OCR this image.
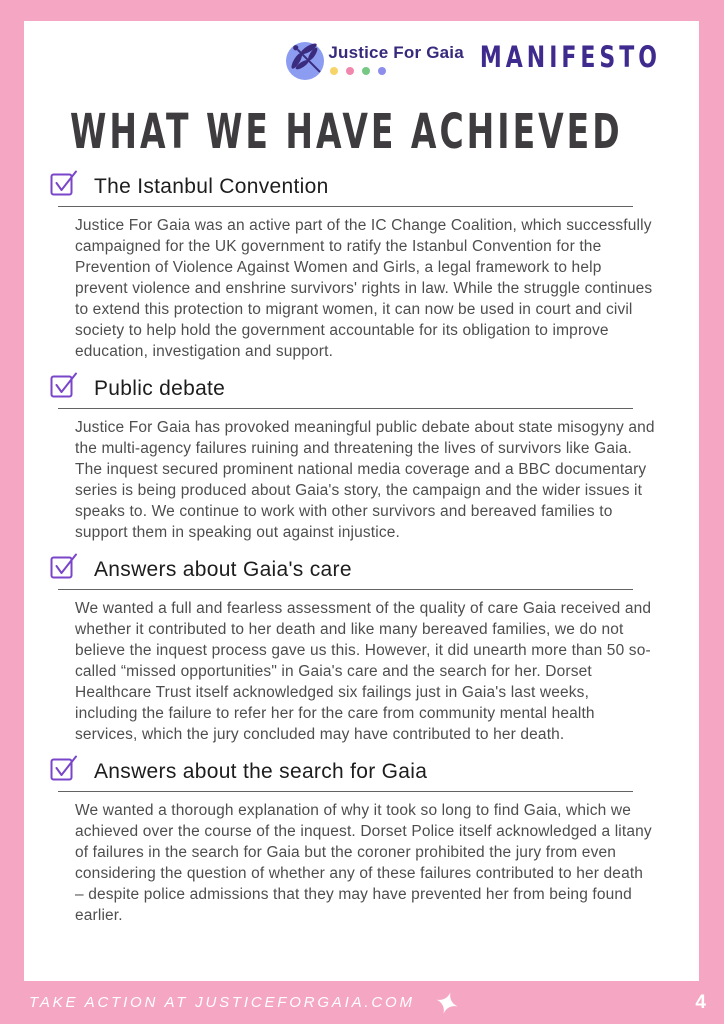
Justice For Gaia MANIFESTO
WHAT WE HAVE ACHIEVED
The Istanbul Convention

Justice For Gaia was an active part of the IC Change Coalition, which successfully campaigned for the UK government to ratify the Istanbul Convention for the Prevention of Violence Against Women and Girls, a legal framework to help prevent violence and enshrine survivors' rights in law. While the struggle continues to extend this protection to migrant women, it can now be used in court and civil society to help hold the government accountable for its obligation to improve education, investigation and support.

Public debate

Justice For Gaia has provoked meaningful public debate about state misogyny and the multi-agency failures ruining and threatening the lives of survivors like Gaia. The inquest secured prominent national media coverage and a BBC documentary series is being produced about Gaia's story, the campaign and the wider issues it speaks to. We continue to work with other survivors and bereaved families to support them in speaking out against injustice.

Answers about Gaia's care

We wanted a full and fearless assessment of the quality of care Gaia received and whether it contributed to her death and like many bereaved families, we do not believe the inquest process gave us this. However, it did unearth more than 50 so-called “missed opportunities" in Gaia's care and the search for her. Dorset Healthcare Trust itself acknowledged six failings just in Gaia's last weeks, including the failure to refer her for the care from community mental health services, which the jury concluded may have contributed to her death.

Answers about the search for Gaia

We wanted a thorough explanation of why it took so long to find Gaia, which we achieved over the course of the inquest. Dorset Police itself acknowledged a litany of failures in the search for Gaia but the coroner prohibited the jury from even considering the question of whether any of these failures contributed to her death – despite police admissions that they may have prevented her from being found earlier.

TAKE ACTION AT JUSTICEFORGAIA.COM	4
